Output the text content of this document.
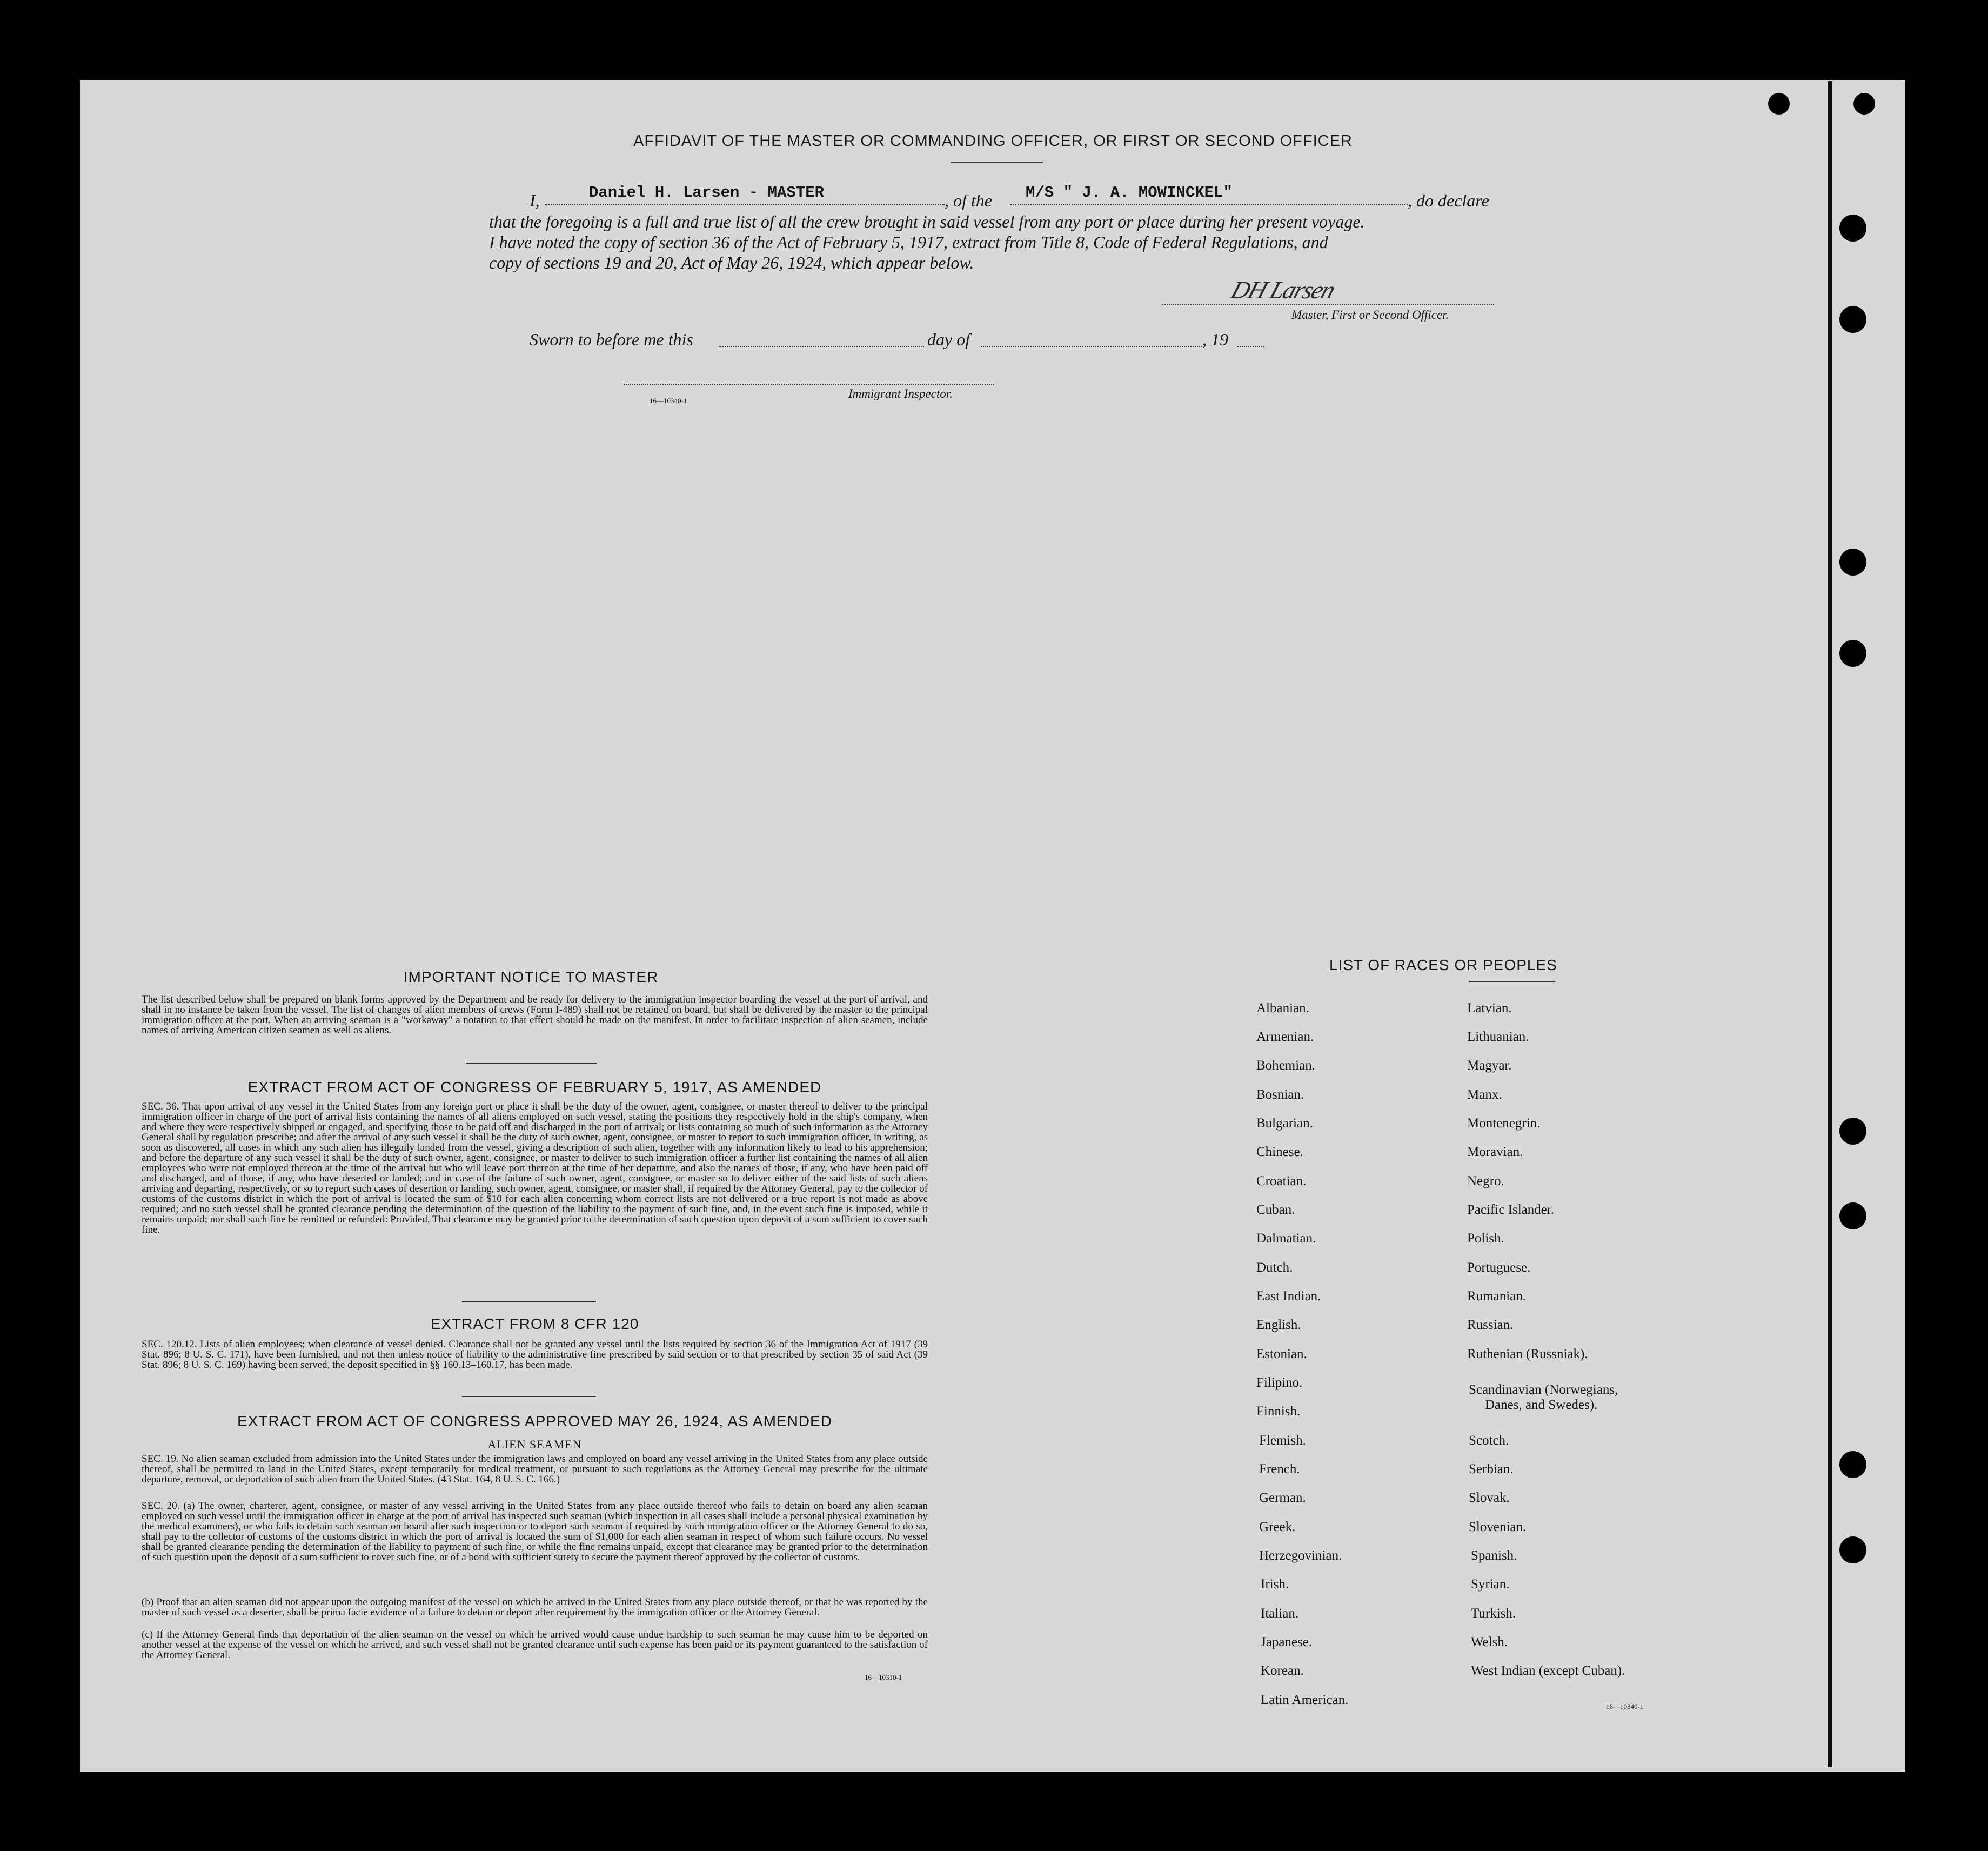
AFFIDAVIT OF THE MASTER OR COMMANDING OFFICER, OR FIRST OR SECOND OFFICER
I,	Daniel H. Larsen - MASTER	, of the M/S " J. A. MOWINCKEL"	, do declare
that the foregoing is a full and true list of all the crew brought in said vessel from any port or place during her present voyage.
I have noted the copy of section 36 of the Act of February 5, 1917, extract from Title 8, Code of Federal Regulations, and
copy of sections 19 and 20, Act of May 26, 1924, which appear below.
DH Larsen
Master, First or Second Officer.
Sworn to before me this	day of	, 19
16—10340-1
Immigrant Inspector.
IMPORTANT NOTICE TO MASTER
The list described below shall be prepared on blank forms approved by the Department and be ready for delivery to the immigration inspector boarding the vessel at the port of arrival, and shall in no instance be taken from the vessel. The list of changes of alien members of crews (Form I-489) shall not be retained on board, but shall be delivered by the master to the principal immigration officer at the port. When an arriving seaman is a "workaway" a notation to that effect should be made on the manifest. In order to facilitate inspection of alien seamen, include names of arriving American citizen seamen as well as aliens.
EXTRACT FROM ACT OF CONGRESS OF FEBRUARY 5, 1917, AS AMENDED
SEC. 36. That upon arrival of any vessel in the United States from any foreign port or place it shall be the duty of the owner, agent, consignee, or master thereof to deliver to the principal immigration officer in charge of the port of arrival lists containing the names of all aliens employed on such vessel, stating the positions they respectively hold in the ship's company, when and where they were respectively shipped or engaged, and specifying those to be paid off and discharged in the port of arrival; or lists containing so much of such information as the Attorney General shall by regulation prescribe; and after the arrival of any such vessel it shall be the duty of such owner, agent, consignee, or master to report to such immigration officer, in writing, as soon as discovered, all cases in which any such alien has illegally landed from the vessel, giving a description of such alien, together with any information likely to lead to his apprehension; and before the departure of any such vessel it shall be the duty of such owner, agent, consignee, or master to deliver to such immigration officer a further list containing the names of all alien employees who were not employed thereon at the time of the arrival but who will leave port thereon at the time of her departure, and also the names of those, if any, who have been paid off and discharged, and of those, if any, who have deserted or landed; and in case of the failure of such owner, agent, consignee, or master so to deliver either of the said lists of such aliens arriving and departing, respectively, or so to report such cases of desertion or landing, such owner, agent, consignee, or master shall, if required by the Attorney General, pay to the collector of customs of the customs district in which the port of arrival is located the sum of $10 for each alien concerning whom correct lists are not delivered or a true report is not made as above required; and no such vessel shall be granted clearance pending the determination of the question of the liability to the payment of such fine, and, in the event such fine is imposed, while it remains unpaid; nor shall such fine be remitted or refunded: Provided, That clearance may be granted prior to the determination of such question upon deposit of a sum sufficient to cover such fine.
EXTRACT FROM 8 CFR 120
SEC. 120.12. Lists of alien employees; when clearance of vessel denied. Clearance shall not be granted any vessel until the lists required by section 36 of the Immigration Act of 1917 (39 Stat. 896; 8 U. S. C. 171), have been furnished, and not then unless notice of liability to the administrative fine prescribed by said section or to that prescribed by section 35 of said Act (39 Stat. 896; 8 U. S. C. 169) having been served, the deposit specified in §§ 160.13–160.17, has been made.
EXTRACT FROM ACT OF CONGRESS APPROVED MAY 26, 1924, AS AMENDED
ALIEN SEAMEN
SEC. 19. No alien seaman excluded from admission into the United States under the immigration laws and employed on board any vessel arriving in the United States from any place outside thereof, shall be permitted to land in the United States, except temporarily for medical treatment, or pursuant to such regulations as the Attorney General may prescribe for the ultimate departure, removal, or deportation of such alien from the United States. (43 Stat. 164, 8 U. S. C. 166.)
SEC. 20. (a) The owner, charterer, agent, consignee, or master of any vessel arriving in the United States from any place outside thereof who fails to detain on board any alien seaman employed on such vessel until the immigration officer in charge at the port of arrival has inspected such seaman (which inspection in all cases shall include a personal physical examination by the medical examiners), or who fails to detain such seaman on board after such inspection or to deport such seaman if required by such immigration officer or the Attorney General to do so, shall pay to the collector of customs of the customs district in which the port of arrival is located the sum of $1,000 for each alien seaman in respect of whom such failure occurs. No vessel shall be granted clearance pending the determination of the liability to payment of such fine, or while the fine remains unpaid, except that clearance may be granted prior to the determination of such question upon the deposit of a sum sufficient to cover such fine, or of a bond with sufficient surety to secure the payment thereof approved by the collector of customs.
(b) Proof that an alien seaman did not appear upon the outgoing manifest of the vessel on which he arrived in the United States from any place outside thereof, or that he was reported by the master of such vessel as a deserter, shall be prima facie evidence of a failure to detain or deport after requirement by the immigration officer or the Attorney General.
(c) If the Attorney General finds that deportation of the alien seaman on the vessel on which he arrived would cause undue hardship to such seaman he may cause him to be deported on another vessel at the expense of the vessel on which he arrived, and such vessel shall not be granted clearance until such expense has been paid or its payment guaranteed to the satisfaction of the Attorney General.
16—10310-1
LIST OF RACES OR PEOPLES
Albanian.
Armenian.
Bohemian.
Bosnian.
Bulgarian.
Chinese.
Croatian.
Cuban.
Dalmatian.
Dutch.
East Indian.
English.
Estonian.
Filipino.
Finnish.
Flemish.
French.
German.
Greek.
Herzegovinian.
Irish.
Italian.
Japanese.
Korean.
Latin American.
Latvian.
Lithuanian.
Magyar.
Manx.
Montenegrin.
Moravian.
Negro.
Pacific Islander.
Polish.
Portuguese.
Rumanian.
Russian.
Ruthenian (Russniak).
Scandinavian (Norwegians,
Danes, and Swedes).
Scotch.
Serbian.
Slovak.
Slovenian.
Spanish.
Syrian.
Turkish.
Welsh.
West Indian (except Cuban).
16—10340-1
